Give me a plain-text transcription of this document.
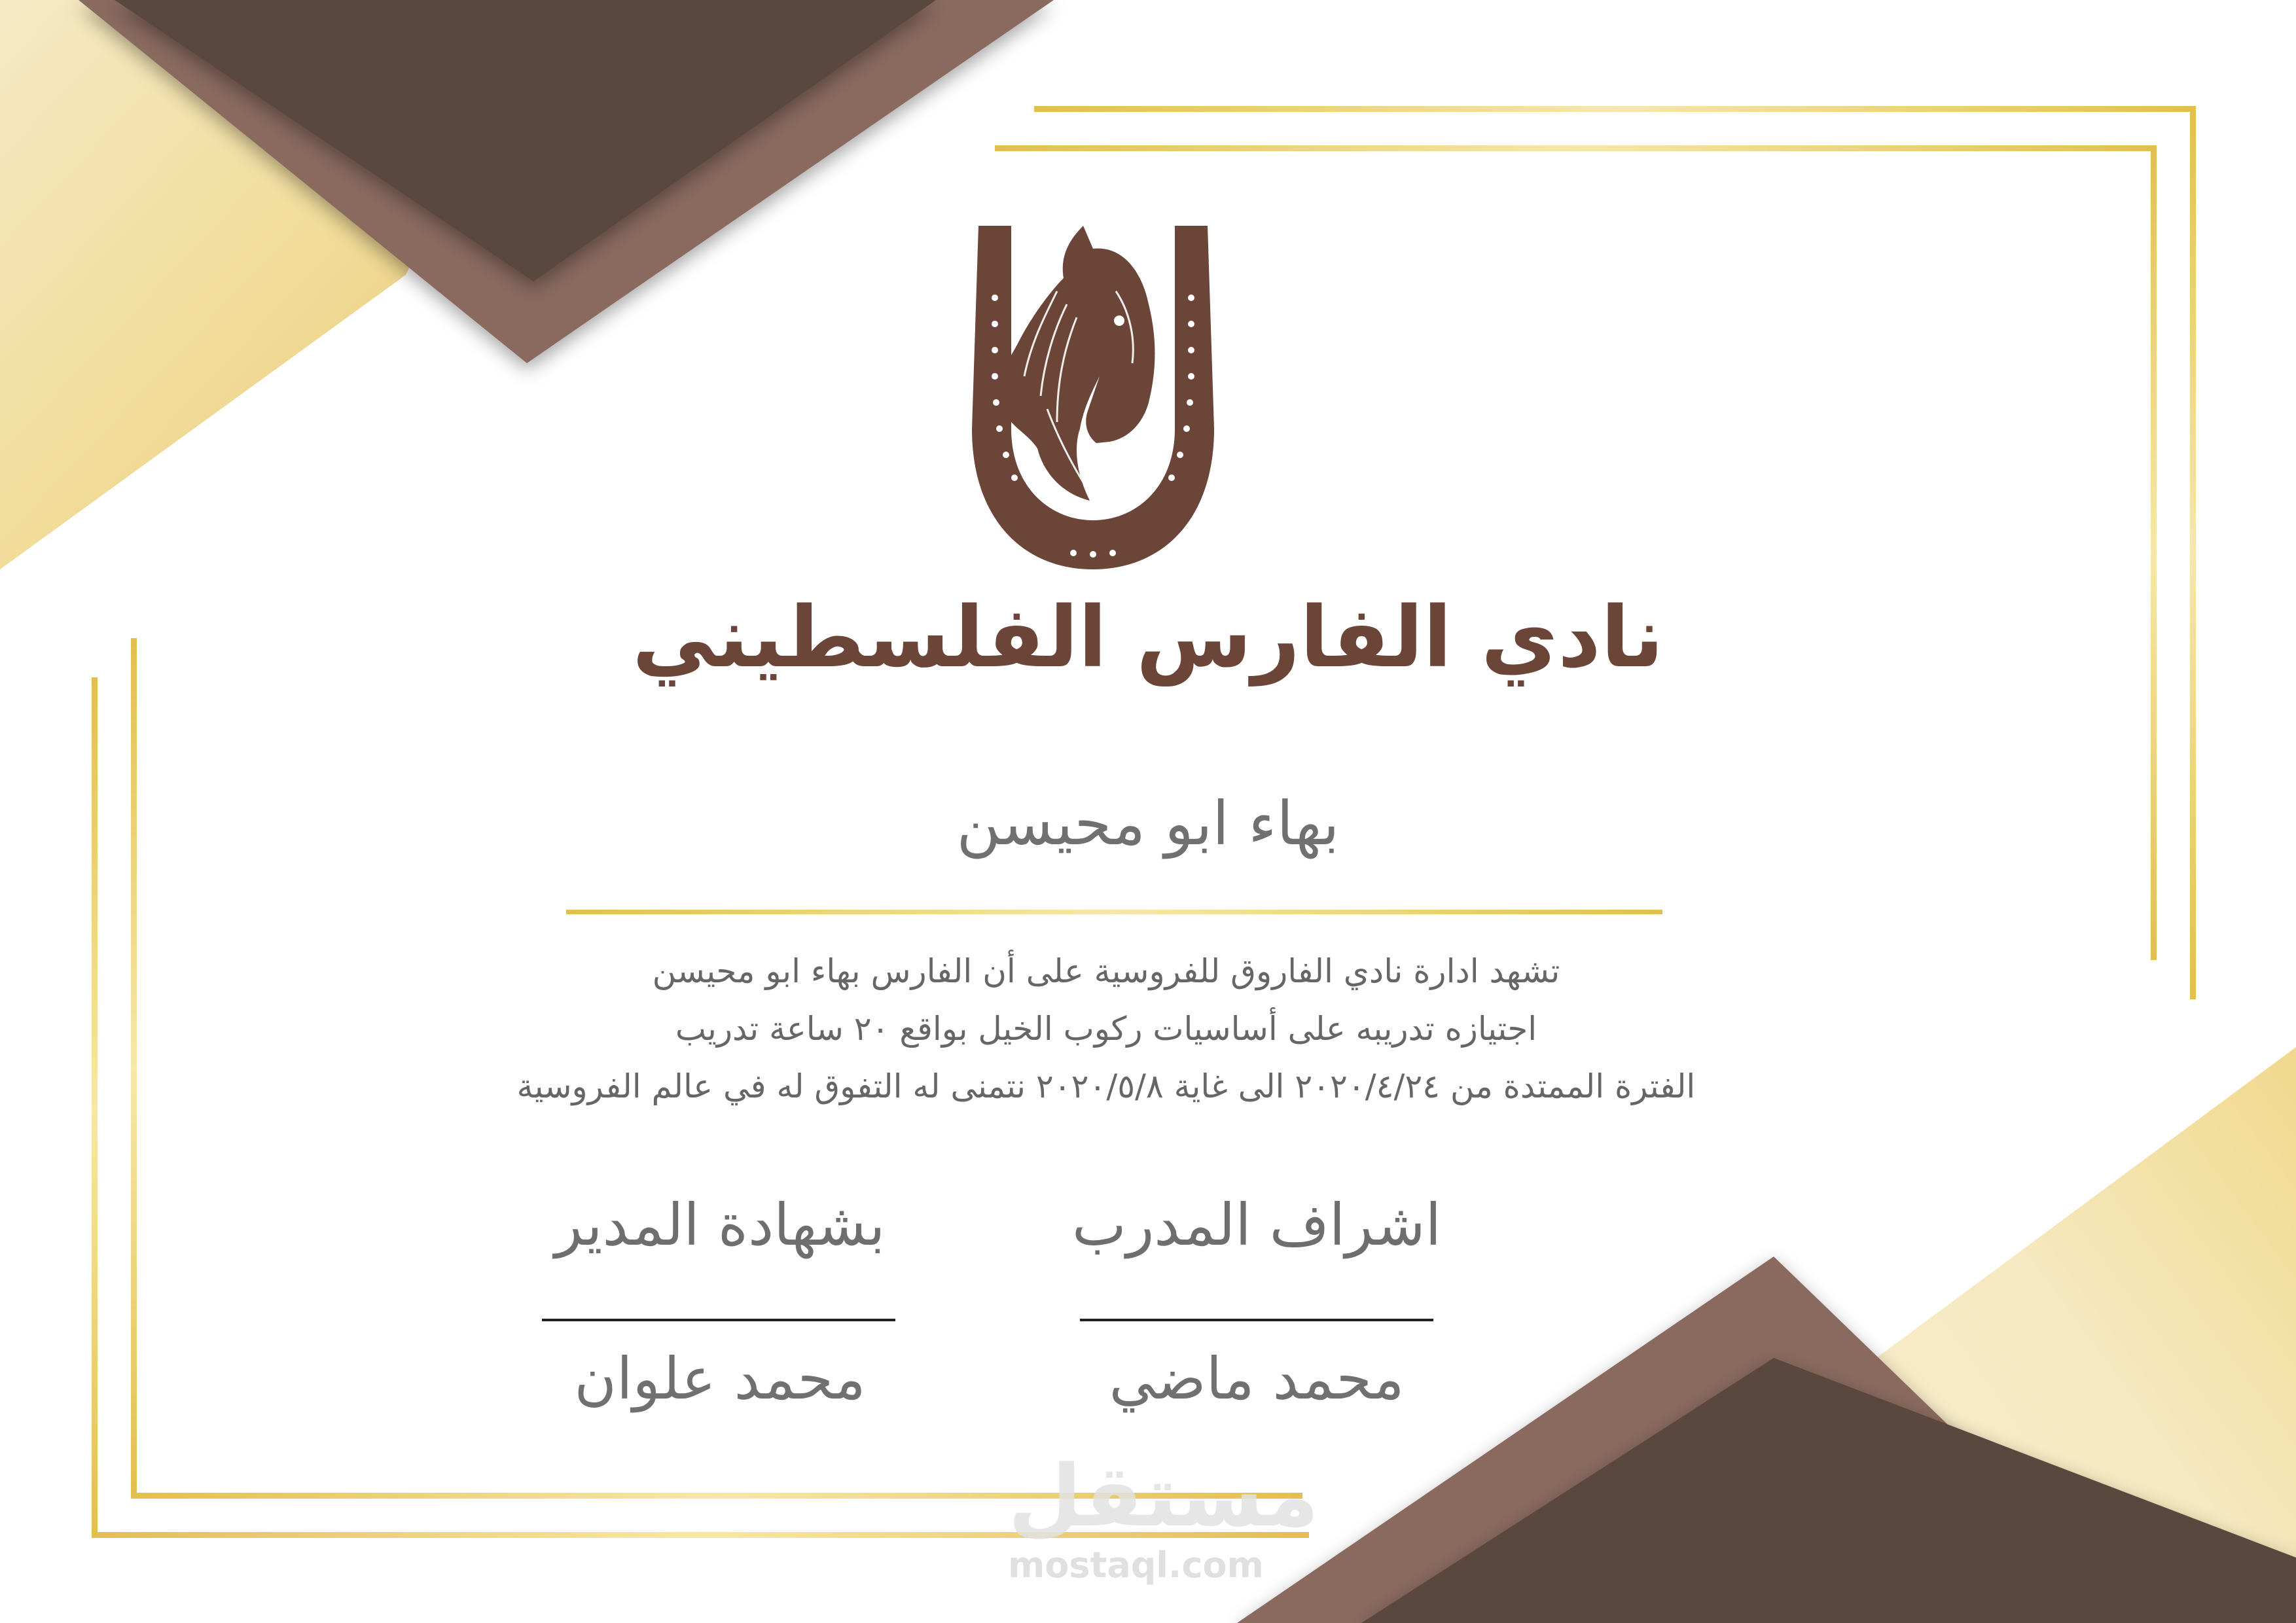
نادي الفارس الفلسطيني
بهاء ابو محيسن
تشهد ادارة نادي الفاروق للفروسية على أن الفارس بهاء ابو محيسن
اجتيازه تدريبه على أساسيات ركوب الخيل بواقع ٢٠ ساعة تدريب
الفترة الممتدة من ٢٠٢٠/٤/٢٤ الى غاية ٢٠٢٠/٥/٨ نتمنى له التفوق له في عالم الفروسية
اشراف المدرب
بشهادة المدير
محمد ماضي
محمد علوان
مستقل
mostaql.com
